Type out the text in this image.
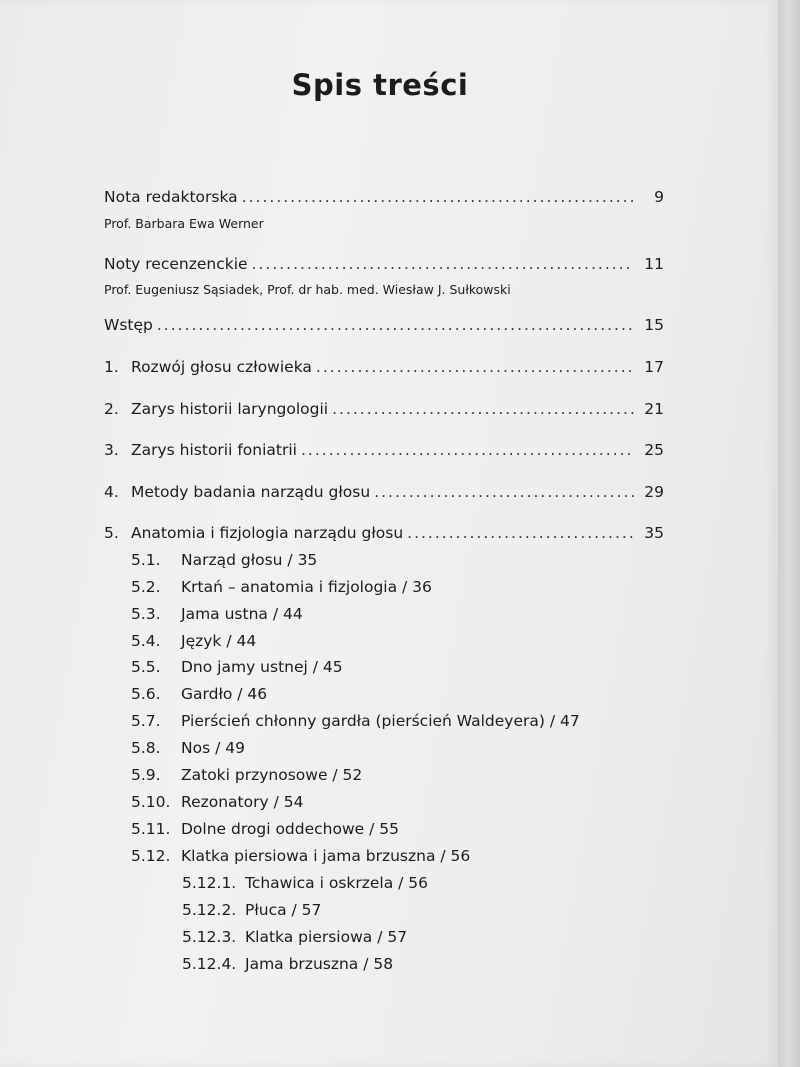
Spis treści
Nota redaktorska .....	9
Prof. Barbara Ewa Werner
Noty recenzenckie .....	11
Prof. Eugeniusz Sąsiadek, Prof. dr hab. med. Wiesław J. Sułkowski
Wstęp .....	15
1. Rozwój głosu człowieka .....	17
2. Zarys historii laryngologii .....	21
3. Zarys historii foniatrii .....	25
4. Metody badania narządu głosu .....	29
5. Anatomia i fizjologia narządu głosu .....	35
5.1.	Narząd głosu / 35
5.2.	Krtań – anatomia i fizjologia / 36
5.3.	Jama ustna / 44
5.4.	Język / 44
5.5.	Dno jamy ustnej / 45
5.6.	Gardło / 46
5.7.	Pierścień chłonny gardła (pierścień Waldeyera) / 47
5.8.	Nos / 49
5.9.	Zatoki przynosowe / 52
5.10. Rezonatory / 54
5.11. Dolne drogi oddechowe / 55
5.12. Klatka piersiowa i jama brzuszna / 56
5.12.1. Tchawica i oskrzela / 56
5.12.2. Płuca / 57
5.12.3. Klatka piersiowa / 57
5.12.4. Jama brzuszna / 58
